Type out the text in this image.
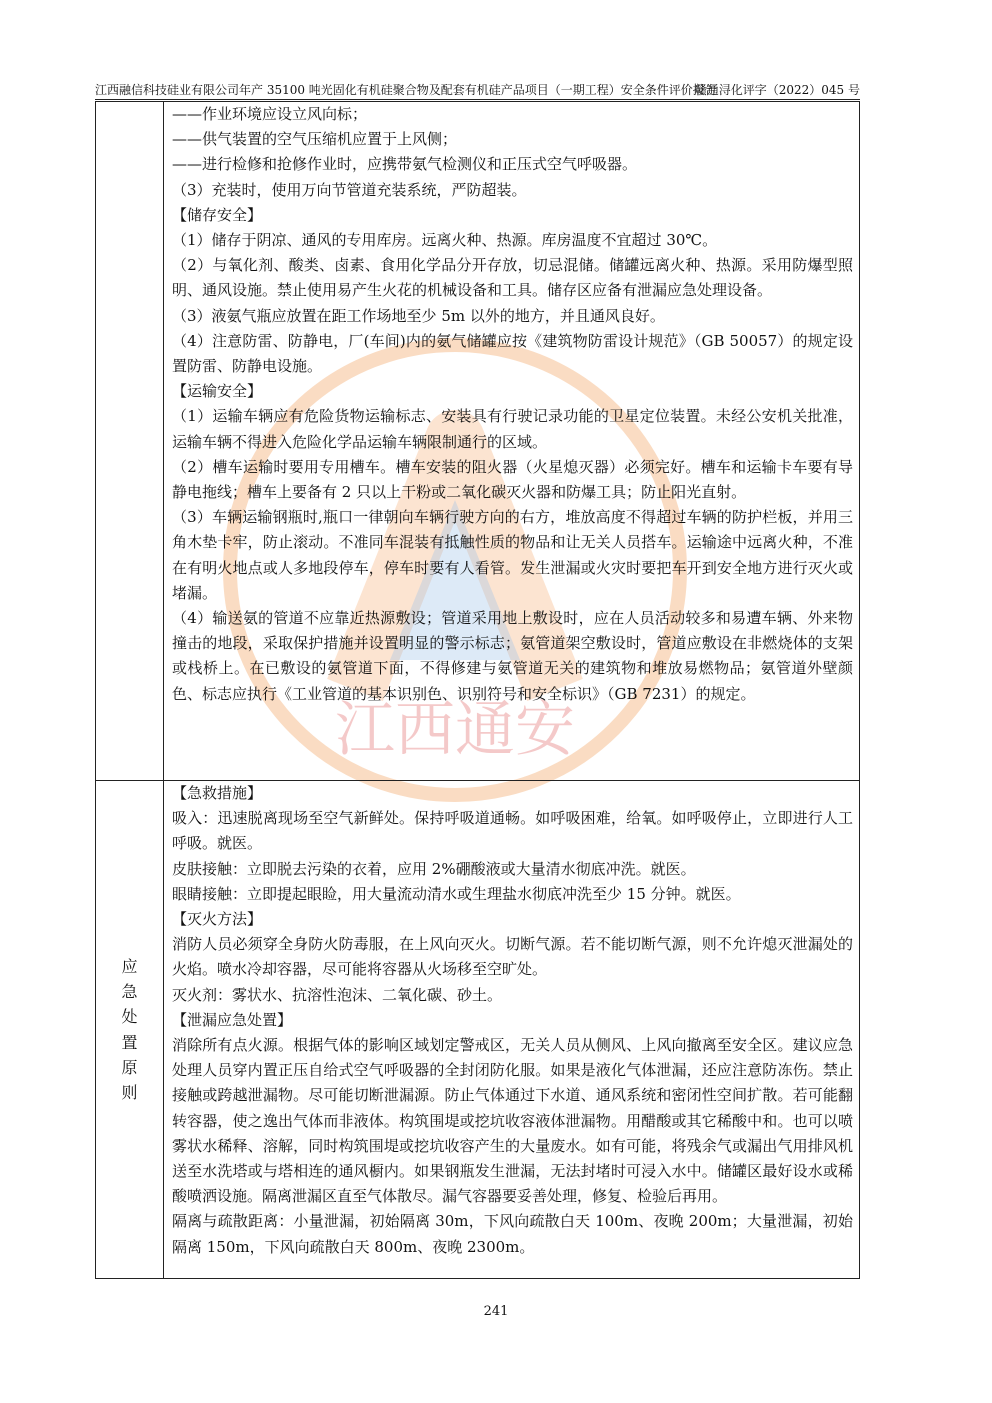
江西融信科技硅业有限公司年产 35100 吨光固化有机硅聚合物及配套有机硅产品项目（一期工程）安全条件评价报告
赣通浔化评字（2022）045 号
江西通安

——作业环境应设立风向标；

——供气装置的空气压缩机应置于上风侧；

——进行检修和抢修作业时，应携带氨气检测仪和正压式空气呼吸器。

（3）充装时，使用万向节管道充装系统，严防超装。

【储存安全】

（1）储存于阴凉、通风的专用库房。远离火种、热源。库房温度不宜超过 30℃。

（2）与氧化剂、酸类、卤素、食用化学品分开存放，切忌混储。储罐远离火种、热源。采用防爆型照明、通风设施。禁止使用易产生火花的机械设备和工具。储存区应备有泄漏应急处理设备。

（3）液氨气瓶应放置在距工作场地至少 5m 以外的地方，并且通风良好。

（4）注意防雷、防静电，厂(车间)内的氨气储罐应按《建筑物防雷设计规范》（GB 50057）的规定设置防雷、防静电设施。

【运输安全】

（1）运输车辆应有危险货物运输标志、安装具有行驶记录功能的卫星定位装置。未经公安机关批准，运输车辆不得进入危险化学品运输车辆限制通行的区域。

（2）槽车运输时要用专用槽车。槽车安装的阻火器（火星熄灭器）必须完好。槽车和运输卡车要有导静电拖线；槽车上要备有 2 只以上干粉或二氧化碳灭火器和防爆工具；防止阳光直射。

（3）车辆运输钢瓶时,瓶口一律朝向车辆行驶方向的右方，堆放高度不得超过车辆的防护栏板，并用三角木垫卡牢，防止滚动。不准同车混装有抵触性质的物品和让无关人员搭车。运输途中远离火种，不准在有明火地点或人多地段停车，停车时要有人看管。发生泄漏或火灾时要把车开到安全地方进行灭火或堵漏。

（4）输送氨的管道不应靠近热源敷设；管道采用地上敷设时，应在人员活动较多和易遭车辆、外来物撞击的地段，采取保护措施并设置明显的警示标志；氨管道架空敷设时，管道应敷设在非燃烧体的支架或栈桥上。在已敷设的氨管道下面，不得修建与氨管道无关的建筑物和堆放易燃物品；氨管道外壁颜色、标志应执行《工业管道的基本识别色、识别符号和安全标识》（GB 7231）的规定。

应
急
处
置
原
则

【急救措施】

吸入：迅速脱离现场至空气新鲜处。保持呼吸道通畅。如呼吸困难，给氧。如呼吸停止，立即进行人工呼吸。就医。

皮肤接触：立即脱去污染的衣着，应用 2%硼酸液或大量清水彻底冲洗。就医。

眼睛接触：立即提起眼睑，用大量流动清水或生理盐水彻底冲洗至少 15 分钟。就医。

【灭火方法】

消防人员必须穿全身防火防毒服，在上风向灭火。切断气源。若不能切断气源，则不允许熄灭泄漏处的火焰。喷水冷却容器，尽可能将容器从火场移至空旷处。

灭火剂：雾状水、抗溶性泡沫、二氧化碳、砂土。

【泄漏应急处置】

消除所有点火源。根据气体的影响区域划定警戒区，无关人员从侧风、上风向撤离至安全区。建议应急处理人员穿内置正压自给式空气呼吸器的全封闭防化服。如果是液化气体泄漏，还应注意防冻伤。禁止接触或跨越泄漏物。尽可能切断泄漏源。防止气体通过下水道、通风系统和密闭性空间扩散。若可能翻转容器，使之逸出气体而非液体。构筑围堤或挖坑收容液体泄漏物。用醋酸或其它稀酸中和。也可以喷雾状水稀释、溶解，同时构筑围堤或挖坑收容产生的大量废水。如有可能，将残余气或漏出气用排风机送至水洗塔或与塔相连的通风橱内。如果钢瓶发生泄漏，无法封堵时可浸入水中。储罐区最好设水或稀酸喷洒设施。隔离泄漏区直至气体散尽。漏气容器要妥善处理，修复、检验后再用。

隔离与疏散距离：小量泄漏，初始隔离 30m，下风向疏散白天 100m、夜晚 200m；大量泄漏，初始隔离 150m，下风向疏散白天 800m、夜晚 2300m。

241
